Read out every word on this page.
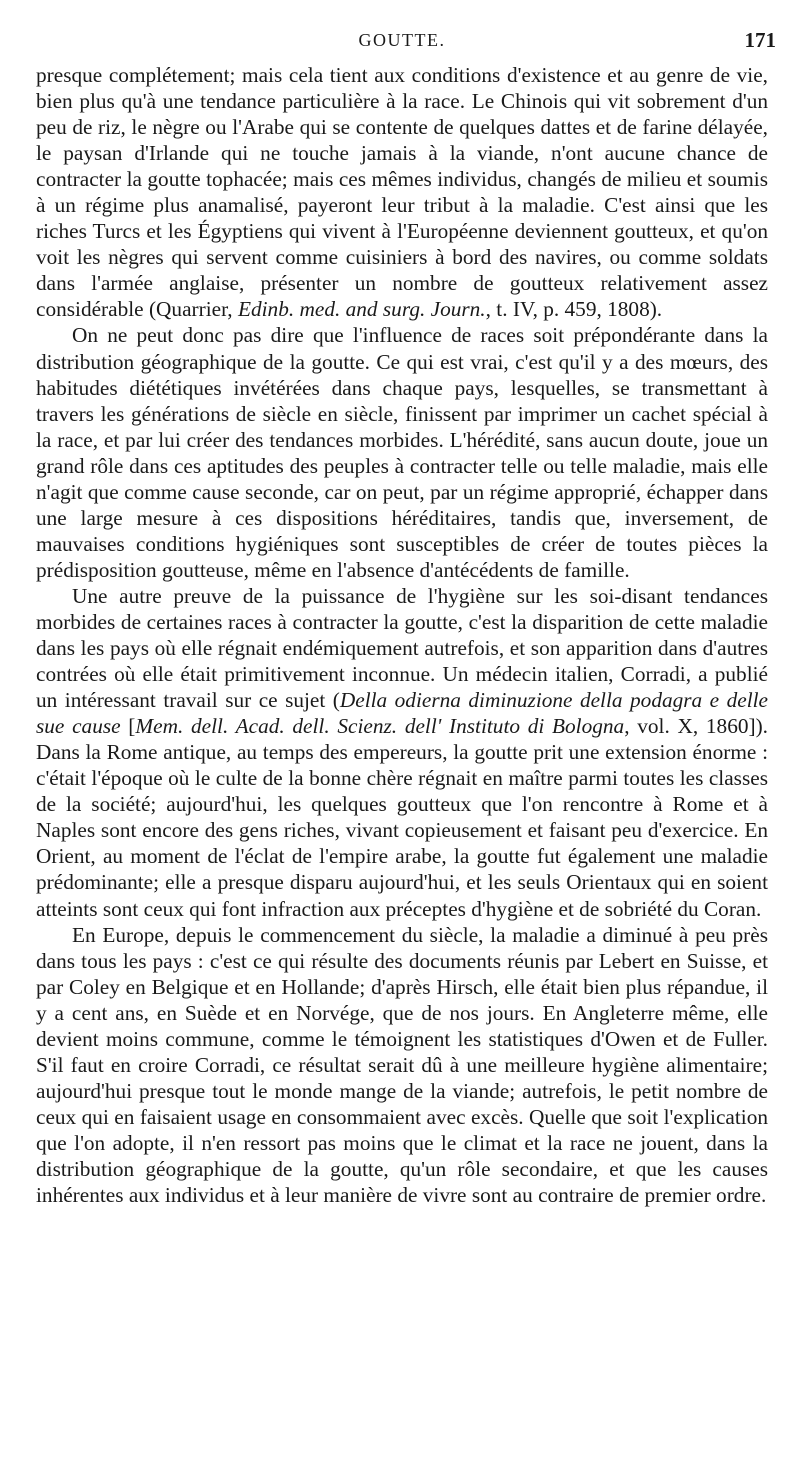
GOUTTE.	171

presque complétement; mais cela tient aux conditions d'existence et au genre de vie, bien plus qu'à une tendance particulière à la race. Le Chinois qui vit sobrement d'un peu de riz, le nègre ou l'Arabe qui se contente de quelques dattes et de farine délayée, le paysan d'Irlande qui ne touche jamais à la viande, n'ont aucune chance de contracter la goutte tophacée; mais ces mêmes individus, changés de milieu et soumis à un régime plus anamalisé, payeront leur tribut à la maladie. C'est ainsi que les riches Turcs et les Égyptiens qui vivent à l'Européenne deviennent goutteux, et qu'on voit les nègres qui servent comme cuisiniers à bord des navires, ou comme soldats dans l'armée anglaise, présenter un nombre de goutteux relativement assez considérable (Quarrier, Edinb. med. and surg. Journ., t. IV, p. 459, 1808).

On ne peut donc pas dire que l'influence de races soit prépondérante dans la distribution géographique de la goutte. Ce qui est vrai, c'est qu'il y a des mœurs, des habitudes diététiques invétérées dans chaque pays, lesquelles, se transmettant à travers les générations de siècle en siècle, finissent par imprimer un cachet spécial à la race, et par lui créer des tendances morbides. L'hérédité, sans aucun doute, joue un grand rôle dans ces aptitudes des peuples à contracter telle ou telle maladie, mais elle n'agit que comme cause seconde, car on peut, par un régime approprié, échapper dans une large mesure à ces dispositions héréditaires, tandis que, inversement, de mauvaises conditions hygiéniques sont susceptibles de créer de toutes pièces la prédisposition goutteuse, même en l'absence d'antécédents de famille.

Une autre preuve de la puissance de l'hygiène sur les soi-disant tendances morbides de certaines races à contracter la goutte, c'est la disparition de cette maladie dans les pays où elle régnait endémiquement autrefois, et son apparition dans d'autres contrées où elle était primitivement inconnue. Un médecin italien, Corradi, a publié un intéressant travail sur ce sujet (Della odierna diminuzione della podagra e delle sue cause [Mem. dell. Acad. dell. Scienz. dell' Instituto di Bologna, vol. X, 1860]). Dans la Rome antique, au temps des empereurs, la goutte prit une extension énorme : c'était l'époque où le culte de la bonne chère régnait en maître parmi toutes les classes de la société; aujourd'hui, les quelques goutteux que l'on rencontre à Rome et à Naples sont encore des gens riches, vivant copieusement et faisant peu d'exercice. En Orient, au moment de l'éclat de l'empire arabe, la goutte fut également une maladie prédominante; elle a presque disparu aujourd'hui, et les seuls Orientaux qui en soient atteints sont ceux qui font infraction aux préceptes d'hygiène et de sobriété du Coran.

En Europe, depuis le commencement du siècle, la maladie a diminué à peu près dans tous les pays : c'est ce qui résulte des documents réunis par Lebert en Suisse, et par Coley en Belgique et en Hollande; d'après Hirsch, elle était bien plus répandue, il y a cent ans, en Suède et en Norvége, que de nos jours. En Angleterre même, elle devient moins commune, comme le témoignent les statistiques d'Owen et de Fuller. S'il faut en croire Corradi, ce résultat serait dû à une meilleure hygiène alimentaire; aujourd'hui presque tout le monde mange de la viande; autrefois, le petit nombre de ceux qui en faisaient usage en consommaient avec excès. Quelle que soit l'explication que l'on adopte, il n'en ressort pas moins que le climat et la race ne jouent, dans la distribution géographique de la goutte, qu'un rôle secondaire, et que les causes inhérentes aux individus et à leur manière de vivre sont au contraire de premier ordre.
